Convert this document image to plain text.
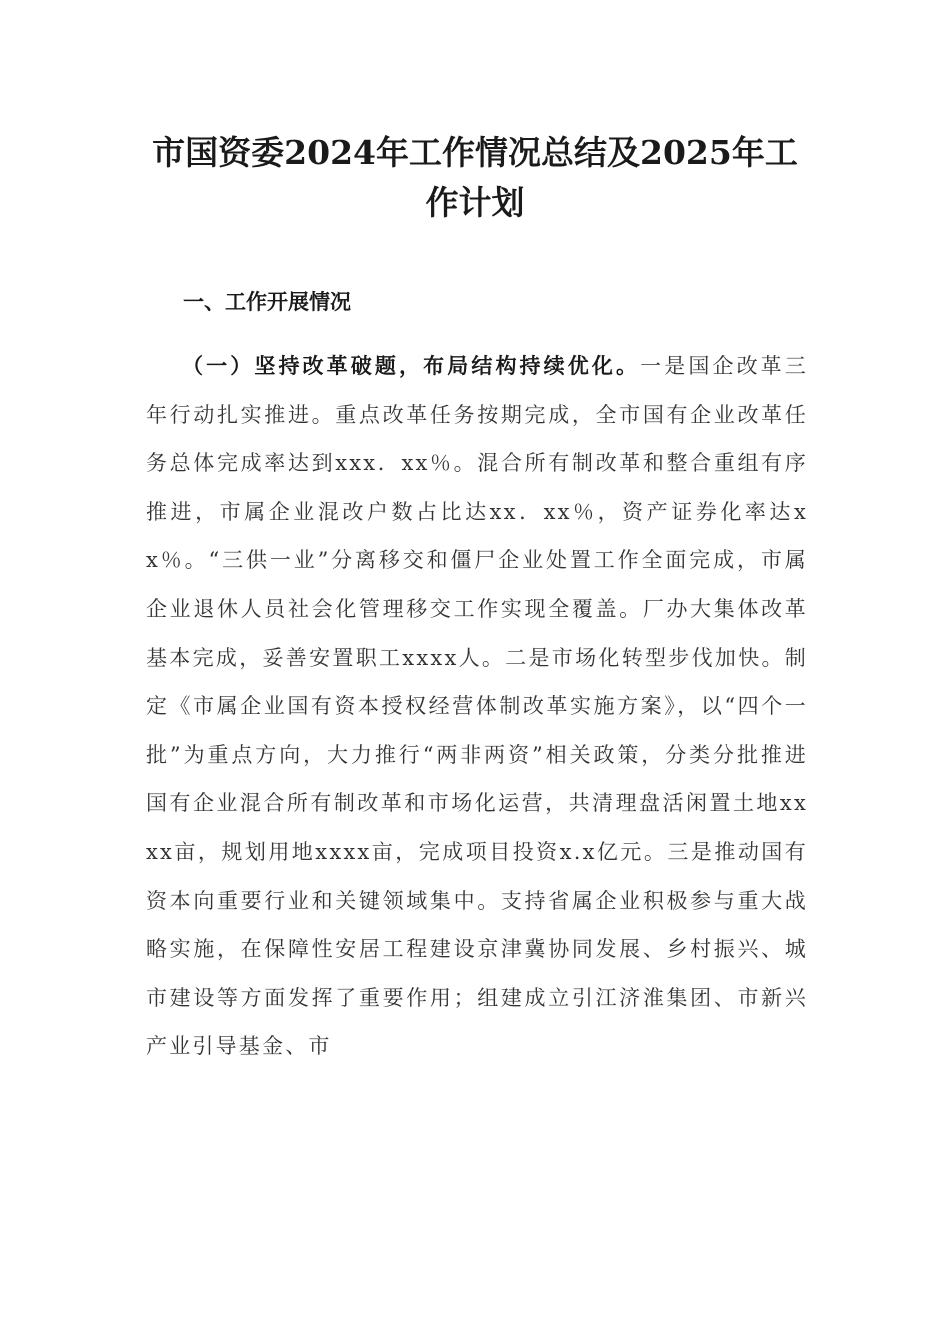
市国资委2024年工作情况总结及2025年工
作计划
一、工作开展情况

（一）坚持改革破题，布局结构持续优化。一是国企改革三年行动扎实推进。重点改革任务按期完成，全市国有企业改革任务总体完成率达到xxx．xx％。混合所有制改革和整合重组有序推进，市属企业混改户数占比达xx．xx％，资产证券化率达xx％。“三供一业”分离移交和僵尸企业处置工作全面完成，市属企业退休人员社会化管理移交工作实现全覆盖。厂办大集体改革基本完成，妥善安置职工xxxx人。二是市场化转型步伐加快。制定《市属企业国有资本授权经营体制改革实施方案》，以“四个一批”为重点方向，大力推行“两非两资”相关政策，分类分批推进国有企业混合所有制改革和市场化运营，共清理盘活闲置土地xxxx亩，规划用地xxxx亩，完成项目投资x.x亿元。三是推动国有资本向重要行业和关键领域集中。支持省属企业积极参与重大战略实施，在保障性安居工程建设京津冀协同发展、乡村振兴、城市建设等方面发挥了重要作用；组建成立引江济淮集团、市新兴产业引导基金、市
